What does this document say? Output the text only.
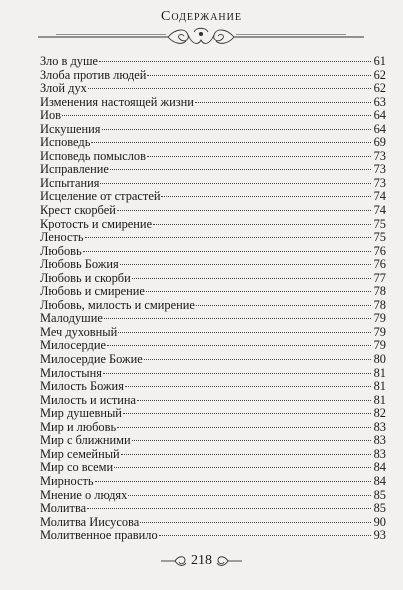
Содержание
Зло в душе	61
Злоба против людей	62
Злой дух	62
Изменения настоящей жизни	63
Иов	64
Искушения	64
Исповедь	69
Исповедь помыслов	73
Исправление	73
Испытания	73
Исцеление от страстей	74
Крест скорбей	74
Кротость и смирение	75
Леность	75
Любовь	76
Любовь Божия	76
Любовь и скорби	77
Любовь и смирение	78
Любовь, милость и смирение	78
Малодушие	79
Меч духовный	79
Милосердие	79
Милосердие Божие	80
Милостыня	81
Милость Божия	81
Милость и истина	81
Мир душевный	82
Мир и любовь	83
Мир с ближними	83
Мир семейный	83
Мир со всеми	84
Мирность	84
Мнение о людях	85
Молитва	85
Молитва Иисусова	90
Молитвенное правило	93
218
